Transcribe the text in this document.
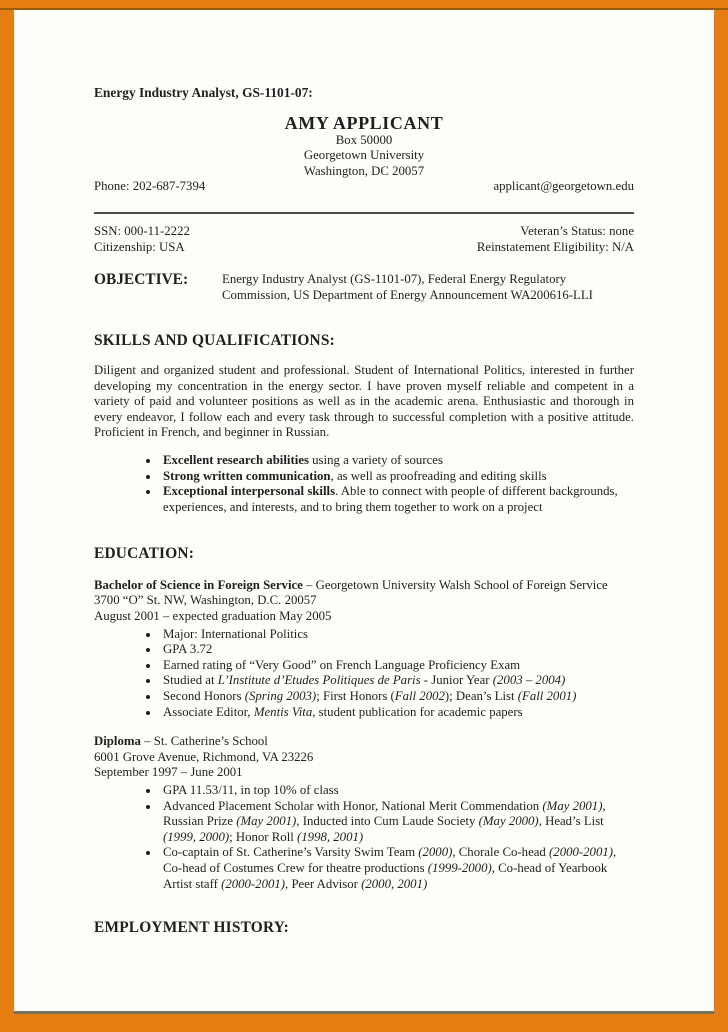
Energy Industry Analyst, GS-1101-07:
AMY APPLICANT
Box 50000
Georgetown University
Washington, DC 20057
Phone: 202-687-7394	applicant@georgetown.edu
SSN: 000-11-2222	Veteran’s Status: none
Citizenship: USA	Reinstatement Eligibility: N/A
OBJECTIVE:	Energy Industry Analyst (GS-1101-07), Federal Energy Regulatory Commission, US Department of Energy Announcement WA200616-LLI
SKILLS AND QUALIFICATIONS:
Diligent and organized student and professional. Student of International Politics, interested in further developing my concentration in the energy sector. I have proven myself reliable and competent in a variety of paid and volunteer positions as well as in the academic arena. Enthusiastic and thorough in every endeavor, I follow each and every task through to successful completion with a positive attitude. Proficient in French, and beginner in Russian.
• Excellent research abilities using a variety of sources
• Strong written communication, as well as proofreading and editing skills
• Exceptional interpersonal skills. Able to connect with people of different backgrounds, experiences, and interests, and to bring them together to work on a project
EDUCATION:
Bachelor of Science in Foreign Service – Georgetown University Walsh School of Foreign Service
3700 “O” St. NW, Washington, D.C. 20057
August 2001 – expected graduation May 2005
• Major: International Politics
• GPA 3.72
• Earned rating of “Very Good” on French Language Proficiency Exam
• Studied at L’Institute d’Etudes Politiques de Paris - Junior Year (2003 – 2004)
• Second Honors (Spring 2003); First Honors (Fall 2002); Dean’s List (Fall 2001)
• Associate Editor, Mentis Vita, student publication for academic papers
Diploma – St. Catherine’s School
6001 Grove Avenue, Richmond, VA 23226
September 1997 – June 2001
• GPA 11.53/11, in top 10% of class
• Advanced Placement Scholar with Honor, National Merit Commendation (May 2001), Russian Prize (May 2001), Inducted into Cum Laude Society (May 2000), Head’s List (1999, 2000); Honor Roll (1998, 2001)
• Co-captain of St. Catherine’s Varsity Swim Team (2000), Chorale Co-head (2000-2001), Co-head of Costumes Crew for theatre productions (1999-2000), Co-head of Yearbook Artist staff (2000-2001), Peer Advisor (2000, 2001)
EMPLOYMENT HISTORY:
